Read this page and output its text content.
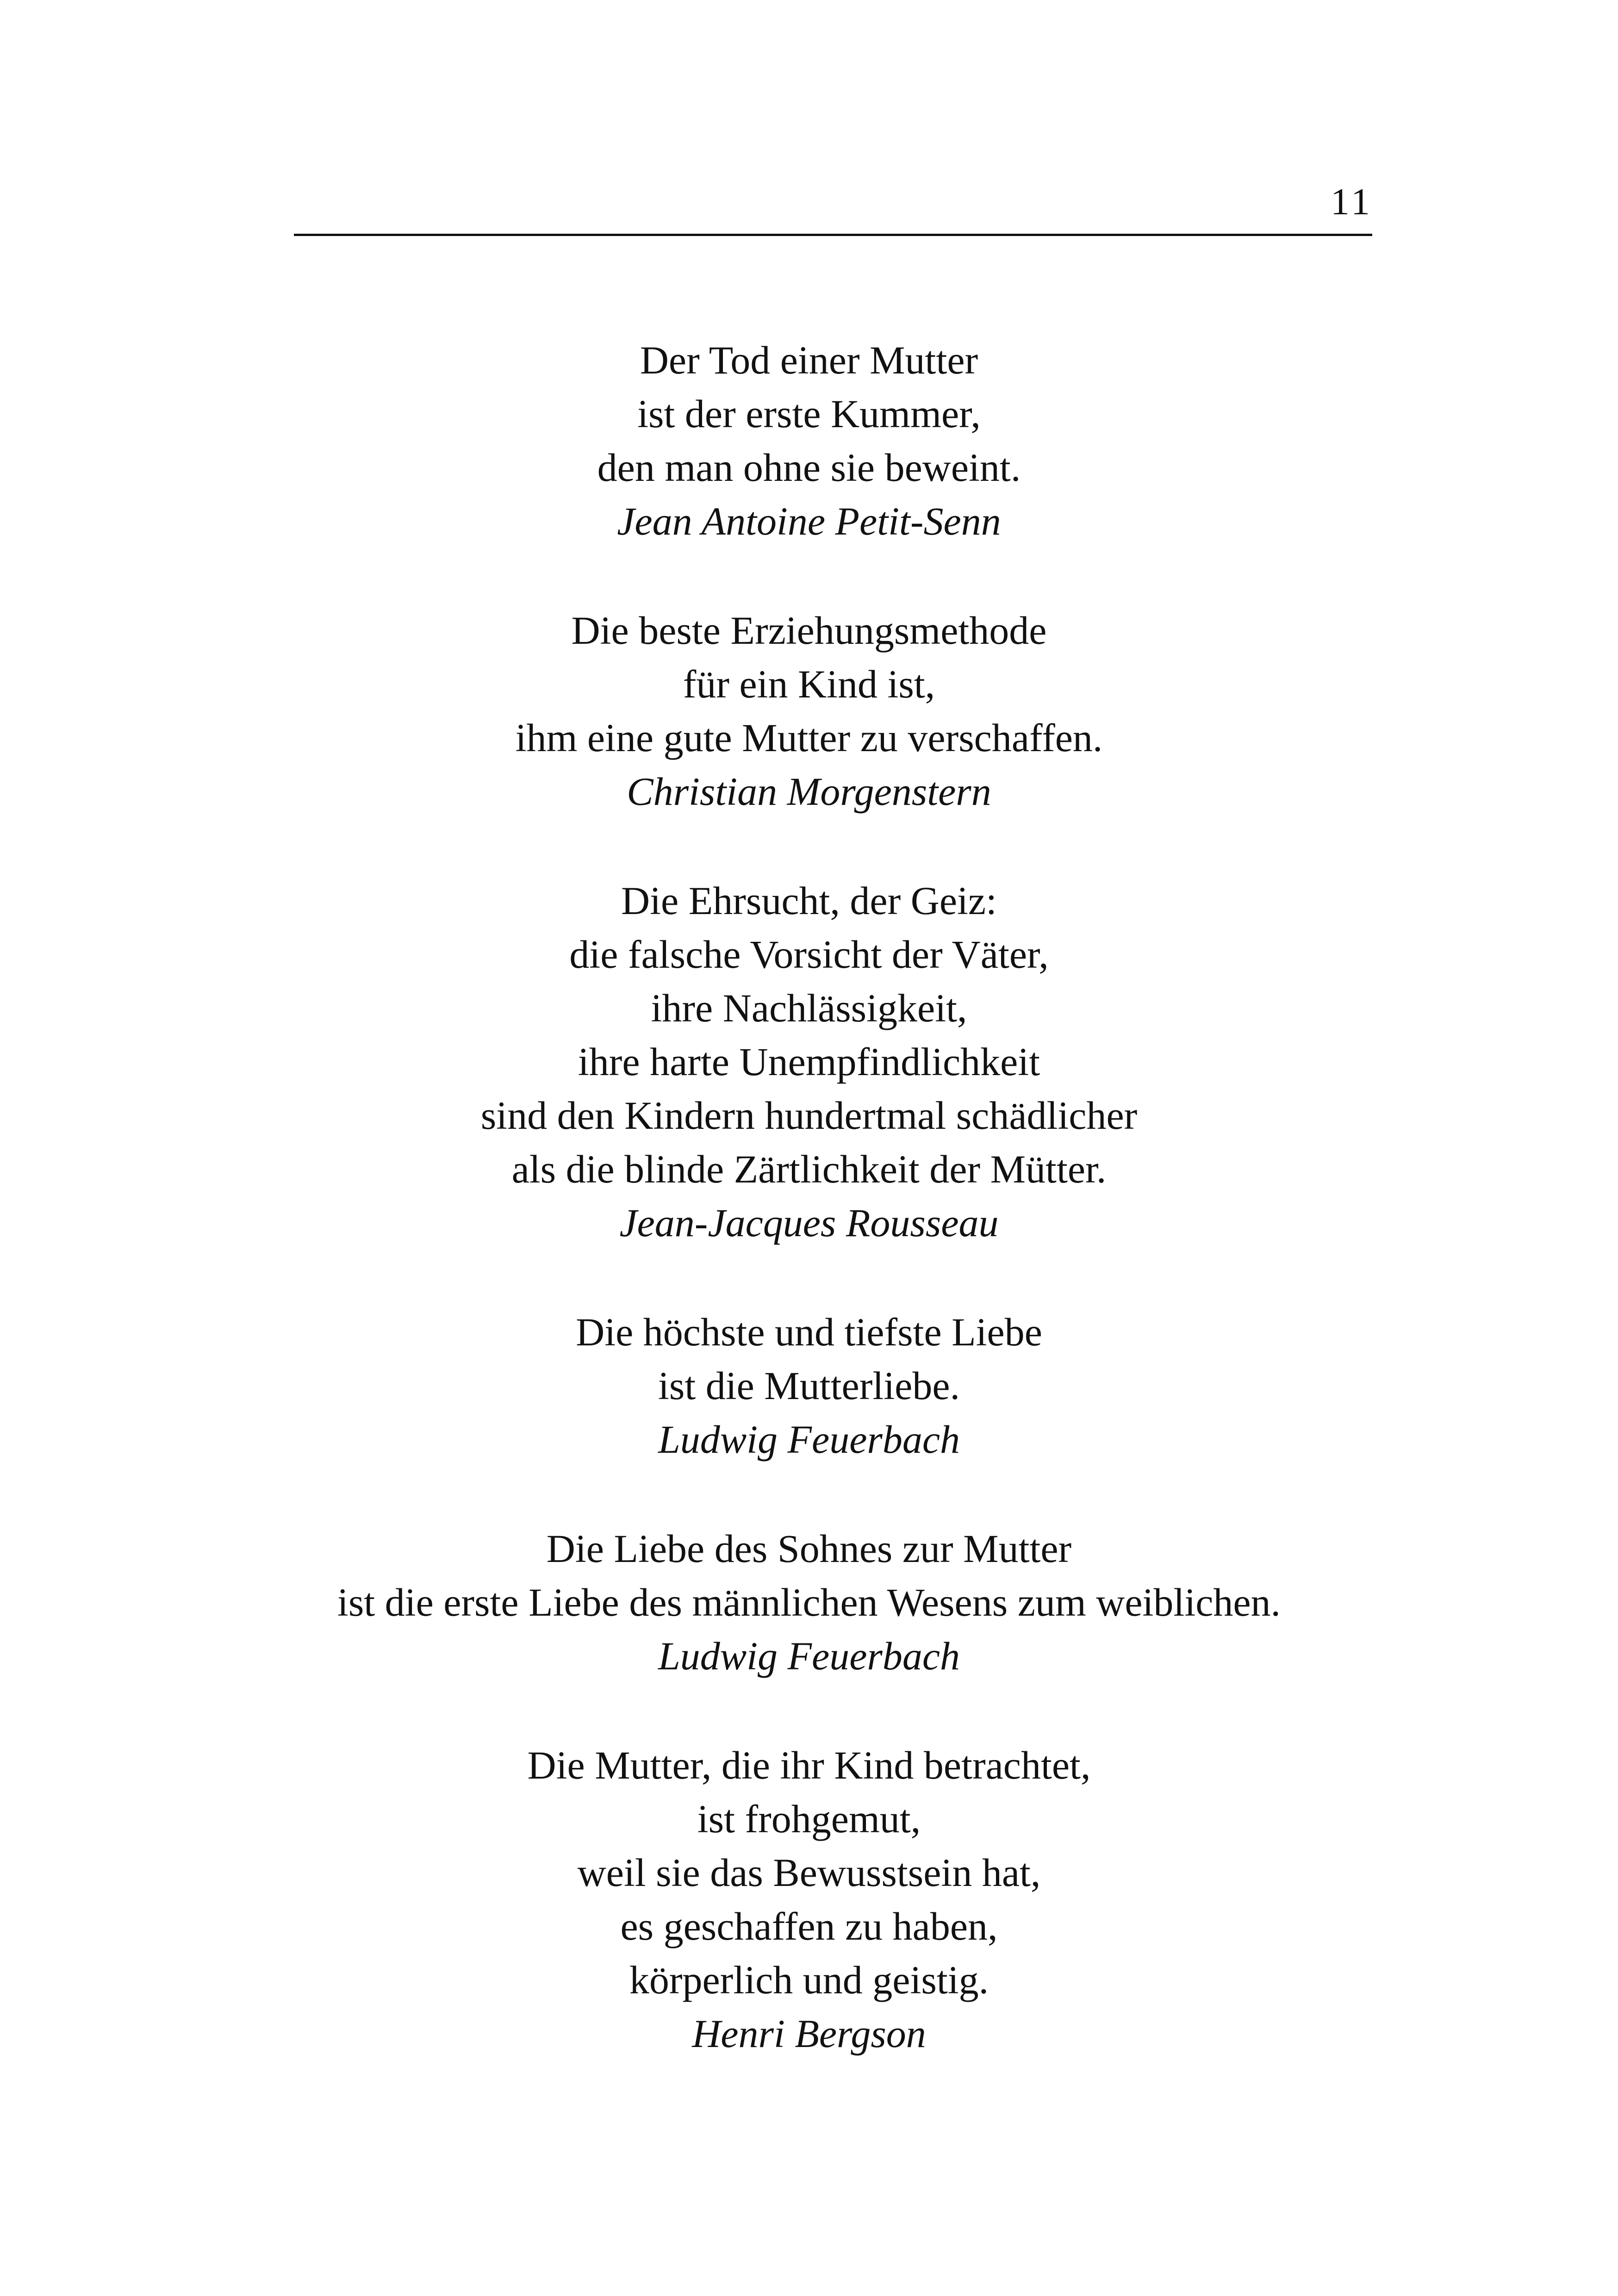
11
Der Tod einer Mutter
ist der erste Kummer,
den man ohne sie beweint.
Jean Antoine Petit-Senn
Die beste Erziehungsmethode
für ein Kind ist,
ihm eine gute Mutter zu verschaffen.
Christian Morgenstern
Die Ehrsucht, der Geiz:
die falsche Vorsicht der Väter,
ihre Nachlässigkeit,
ihre harte Unempfindlichkeit
sind den Kindern hundertmal schädlicher
als die blinde Zärtlichkeit der Mütter.
Jean-Jacques Rousseau
Die höchste und tiefste Liebe
ist die Mutterliebe.
Ludwig Feuerbach
Die Liebe des Sohnes zur Mutter
ist die erste Liebe des männlichen Wesens zum weiblichen.
Ludwig Feuerbach
Die Mutter, die ihr Kind betrachtet,
ist frohgemut,
weil sie das Bewusstsein hat,
es geschaffen zu haben,
körperlich und geistig.
Henri Bergson
